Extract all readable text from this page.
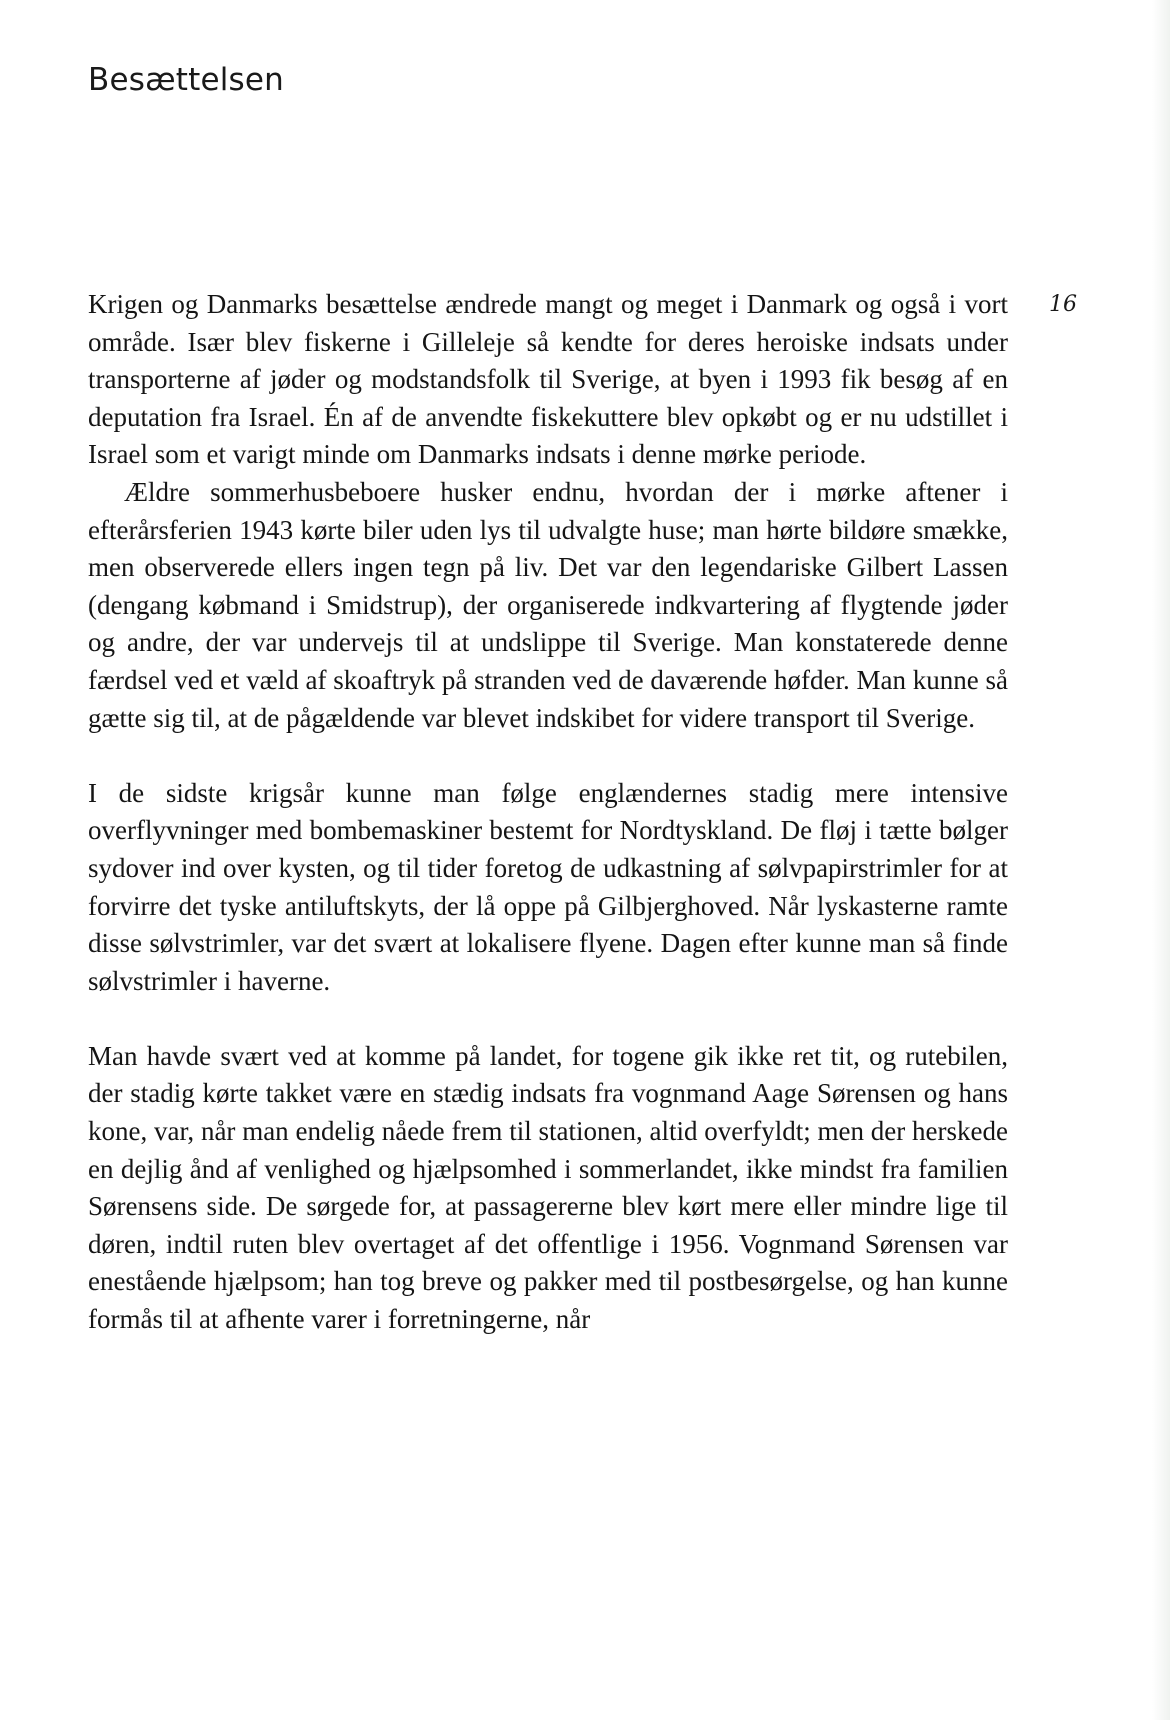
Besættelsen
16

Krigen og Danmarks besættelse ændrede mangt og meget i Danmark og også i vort område. Især blev fiskerne i Gilleleje så kendte for deres heroiske indsats under transporterne af jøder og modstandsfolk til Sverige, at byen i 1993 fik besøg af en deputation fra Israel. Én af de anvendte fiskekuttere blev opkøbt og er nu udstillet i Israel som et varigt minde om Danmarks indsats i denne mørke periode.

Ældre sommerhusbeboere husker endnu, hvordan der i mørke aftener i efterårsferien 1943 kørte biler uden lys til udvalgte huse; man hørte bildøre smække, men observerede ellers ingen tegn på liv. Det var den legendariske Gilbert Lassen (dengang købmand i Smidstrup), der organiserede indkvartering af flygtende jøder og andre, der var undervejs til at undslippe til Sverige. Man konstaterede denne færdsel ved et væld af skoaftryk på stranden ved de daværende høfder. Man kunne så gætte sig til, at de pågældende var blevet indskibet for videre transport til Sverige.

I de sidste krigsår kunne man følge englændernes stadig mere intensive overflyvninger med bombemaskiner bestemt for Nordtyskland. De fløj i tætte bølger sydover ind over kysten, og til tider foretog de udkastning af sølvpapirstrimler for at forvirre det tyske antiluftskyts, der lå oppe på Gilbjerghoved. Når lyskasterne ramte disse sølvstrimler, var det svært at lokalisere flyene. Dagen efter kunne man så finde sølvstrimler i haverne.

Man havde svært ved at komme på landet, for togene gik ikke ret tit, og rutebilen, der stadig kørte takket være en stædig indsats fra vognmand Aage Sørensen og hans kone, var, når man endelig nåede frem til stationen, altid overfyldt; men der herskede en dejlig ånd af venlighed og hjælpsomhed i sommerlandet, ikke mindst fra familien Sørensens side. De sørgede for, at passagererne blev kørt mere eller mindre lige til døren, indtil ruten blev overtaget af det offentlige i 1956. Vognmand Sørensen var enestående hjælpsom; han tog breve og pakker med til postbesørgelse, og han kunne formås til at afhente varer i forretningerne, når
